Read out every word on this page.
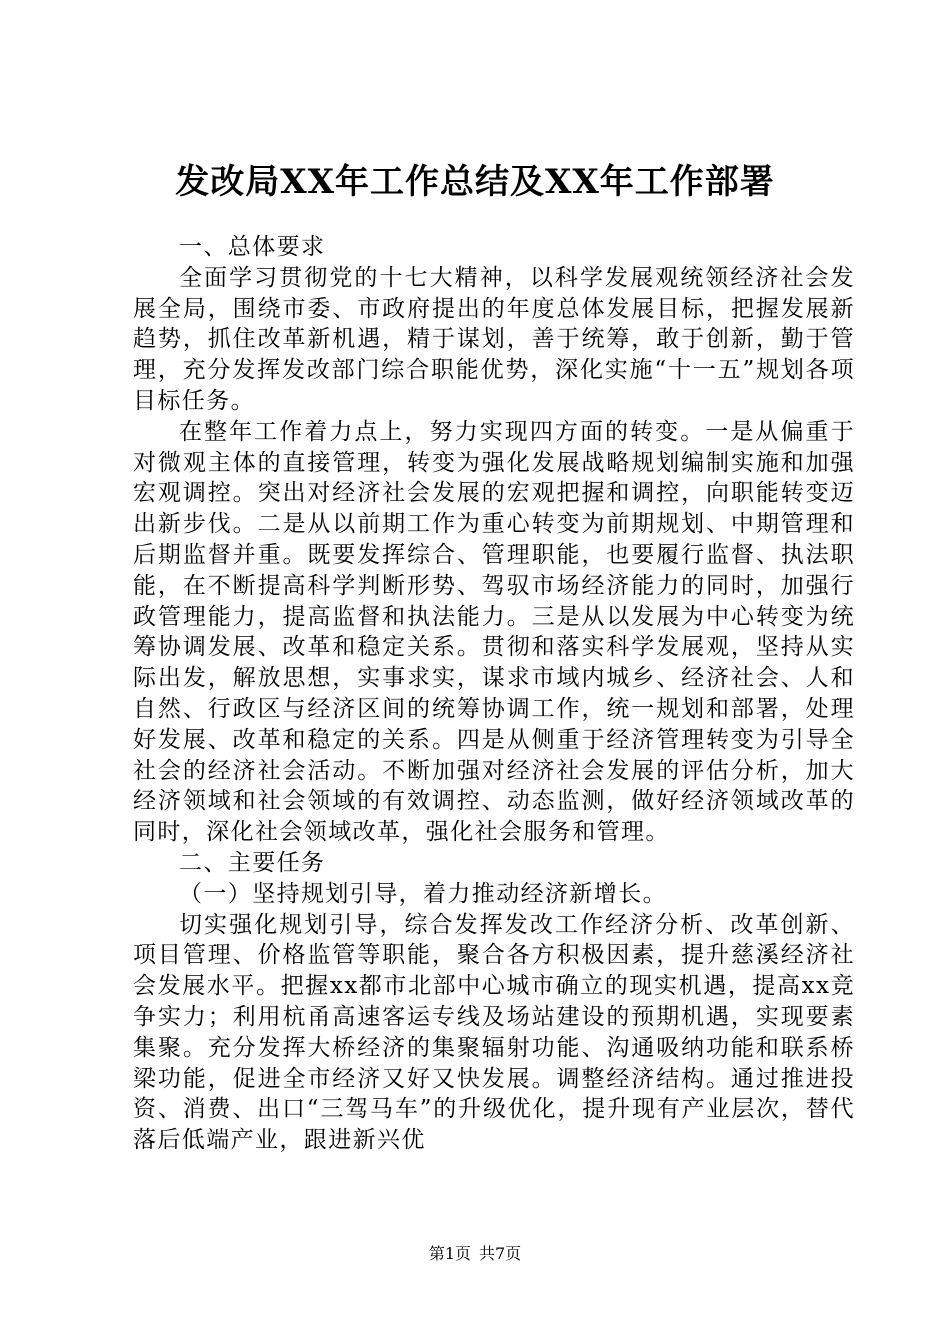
发改局XX年工作总结及XX年工作部署

一、总体要求

全面学习贯彻党的十七大精神，以科学发展观统领经济社会发展全局，围绕市委、市政府提出的年度总体发展目标，把握发展新趋势，抓住改革新机遇，精于谋划，善于统筹，敢于创新，勤于管理，充分发挥发改部门综合职能优势，深化实施“十一五”规划各项目标任务。

在整年工作着力点上，努力实现四方面的转变。一是从偏重于对微观主体的直接管理，转变为强化发展战略规划编制实施和加强宏观调控。突出对经济社会发展的宏观把握和调控，向职能转变迈出新步伐。二是从以前期工作为重心转变为前期规划、中期管理和后期监督并重。既要发挥综合、管理职能，也要履行监督、执法职能，在不断提高科学判断形势、驾驭市场经济能力的同时，加强行政管理能力，提高监督和执法能力。三是从以发展为中心转变为统筹协调发展、改革和稳定关系。贯彻和落实科学发展观，坚持从实际出发，解放思想，实事求实，谋求市域内城乡、经济社会、人和自然、行政区与经济区间的统筹协调工作，统一规划和部署，处理好发展、改革和稳定的关系。四是从侧重于经济管理转变为引导全社会的经济社会活动。不断加强对经济社会发展的评估分析，加大经济领域和社会领域的有效调控、动态监测，做好经济领域改革的同时，深化社会领域改革，强化社会服务和管理。

二、主要任务

（一）坚持规划引导，着力推动经济新增长。

切实强化规划引导，综合发挥发改工作经济分析、改革创新、项目管理、价格监管等职能，聚合各方积极因素，提升慈溪经济社会发展水平。把握xx都市北部中心城市确立的现实机遇，提高xx竞争实力；利用杭甬高速客运专线及场站建设的预期机遇，实现要素集聚。充分发挥大桥经济的集聚辐射功能、沟通吸纳功能和联系桥梁功能，促进全市经济又好又快发展。调整经济结构。通过推进投资、消费、出口“三驾马车”的升级优化，提升现有产业层次，替代落后低端产业，跟进新兴优

第1页 共7页
